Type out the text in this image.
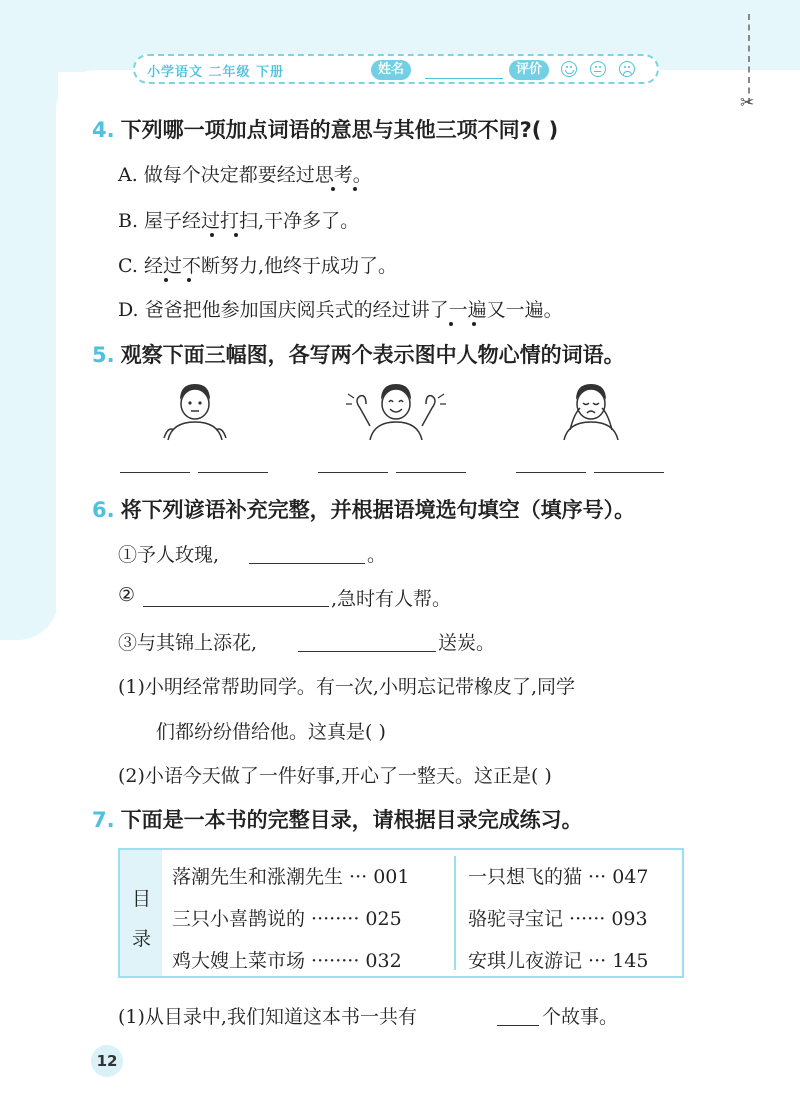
✂
小学语文 二年级 下册	姓名	评价
4. 下列哪一项加点词语的意思与其他三项不同?( )
A. 做每个决定都要经过思考。
B. 屋子经过打扫,干净多了。
C. 经过不断努力,他终于成功了。
D. 爸爸把他参加国庆阅兵式的经过讲了一遍又一遍。
5. 观察下面三幅图，各写两个表示图中人物心情的词语。
6. 将下列谚语补充完整，并根据语境选句填空（填序号）。
①予人玫瑰,	。
②	,急时有人帮。
③与其锦上添花,	送炭。
(1)小明经常帮助同学。有一次,小明忘记带橡皮了,同学
们都纷纷借给他。这真是( )
(2)小语今天做了一件好事,开心了一整天。这正是( )
7. 下面是一本书的完整目录，请根据目录完成练习。
目
录
落潮先生和涨潮先生 ··· 001
三只小喜鹊说的 ········ 025
鸡大嫂上菜市场 ········ 032
一只想飞的猫 ··· 047
骆驼寻宝记 ······ 093
安琪儿夜游记 ··· 145
(1)从目录中,我们知道这本书一共有	个故事。
12
